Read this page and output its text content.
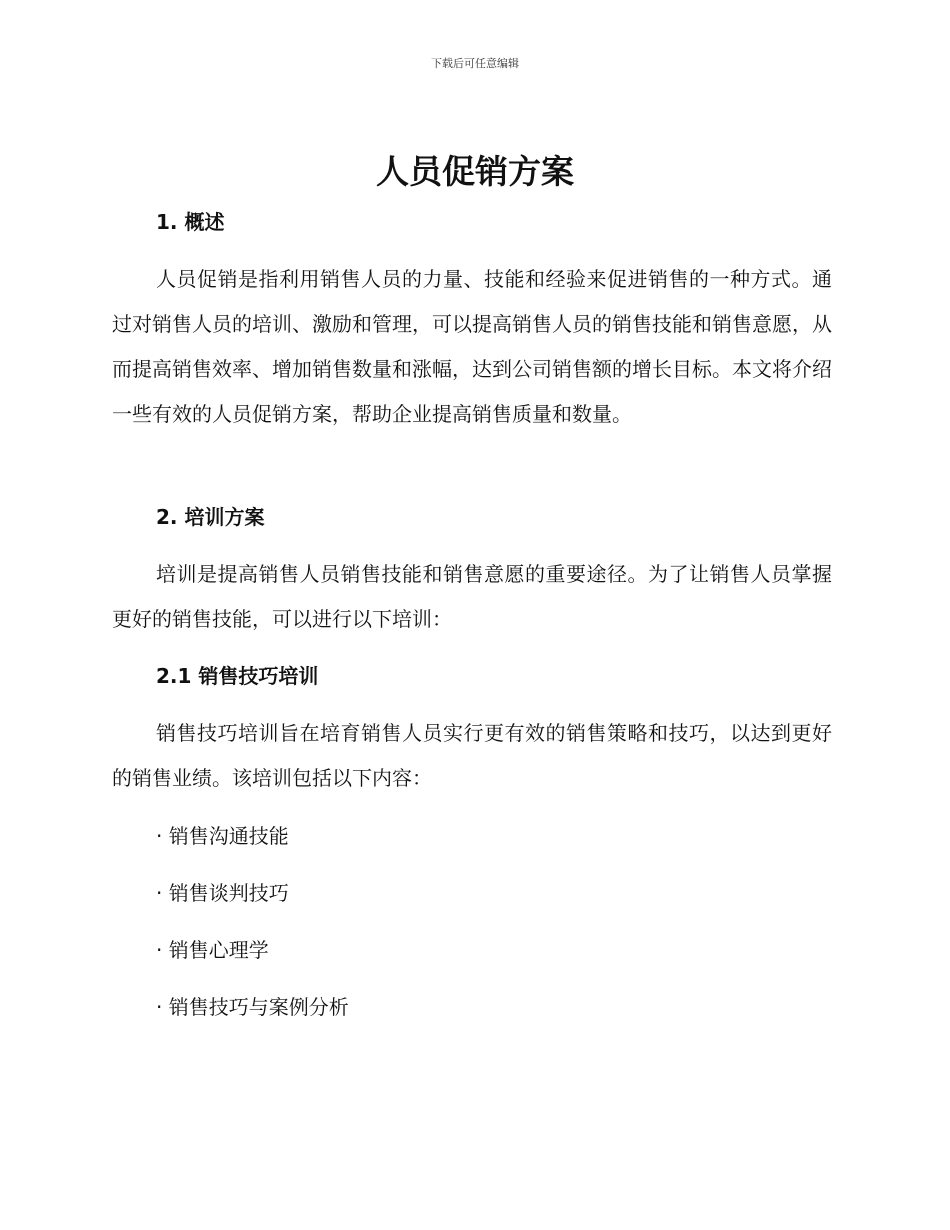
下载后可任意编辑
人员促销方案
1. 概述

人员促销是指利用销售人员的力量、技能和经验来促进销售的一种方式。通过对销售人员的培训、激励和管理，可以提高销售人员的销售技能和销售意愿，从而提高销售效率、增加销售数量和涨幅，达到公司销售额的增长目标。本文将介绍一些有效的人员促销方案，帮助企业提高销售质量和数量。

2. 培训方案

培训是提高销售人员销售技能和销售意愿的重要途径。为了让销售人员掌握更好的销售技能，可以进行以下培训：

2.1 销售技巧培训

销售技巧培训旨在培育销售人员实行更有效的销售策略和技巧，以达到更好的销售业绩。该培训包括以下内容：

· 销售沟通技能

· 销售谈判技巧

· 销售心理学

· 销售技巧与案例分析
